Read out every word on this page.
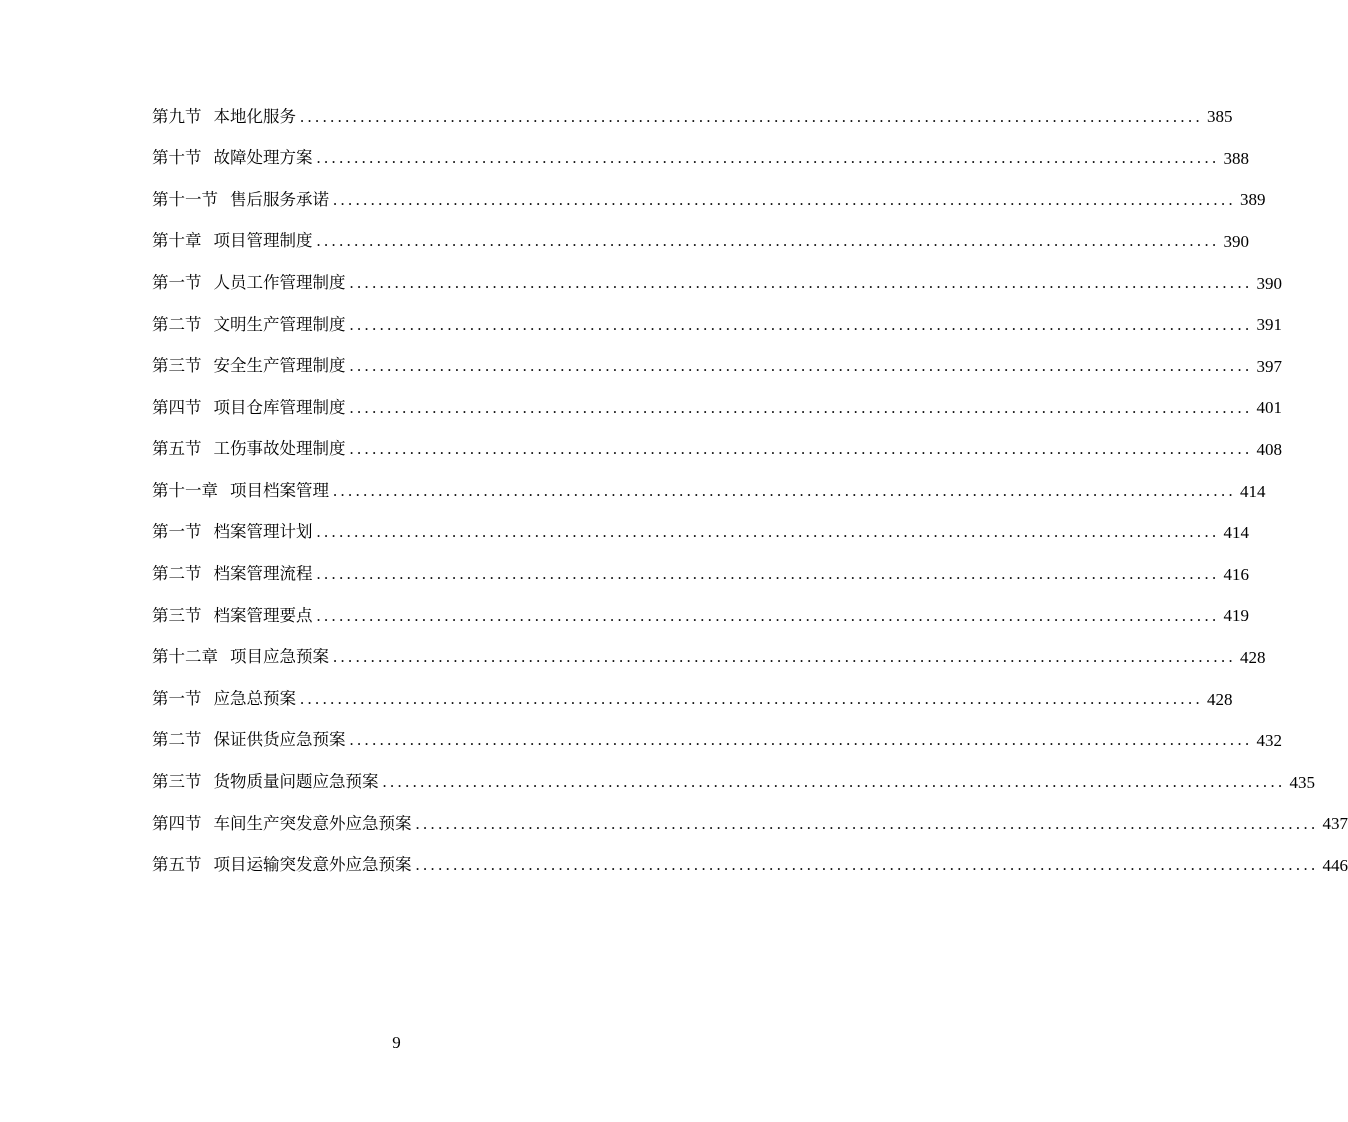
第九节 本地化服务 ........................................................................................................................ 385
第十节 故障处理方案 ........................................................................................................................ 388
第十一节 售后服务承诺 ........................................................................................................................ 389
第十章 项目管理制度 ........................................................................................................................ 390
第一节 人员工作管理制度 ........................................................................................................................ 390
第二节 文明生产管理制度 ........................................................................................................................ 391
第三节 安全生产管理制度 ........................................................................................................................ 397
第四节 项目仓库管理制度 ........................................................................................................................ 401
第五节 工伤事故处理制度 ........................................................................................................................ 408
第十一章 项目档案管理 ........................................................................................................................ 414
第一节 档案管理计划 ........................................................................................................................ 414
第二节 档案管理流程 ........................................................................................................................ 416
第三节 档案管理要点 ........................................................................................................................ 419
第十二章 项目应急预案 ........................................................................................................................ 428
第一节 应急总预案 ........................................................................................................................ 428
第二节 保证供货应急预案 ........................................................................................................................ 432
第三节 货物质量问题应急预案 ........................................................................................................................ 435
第四节 车间生产突发意外应急预案 ........................................................................................................................ 437
第五节 项目运输突发意外应急预案 ........................................................................................................................ 446
9
